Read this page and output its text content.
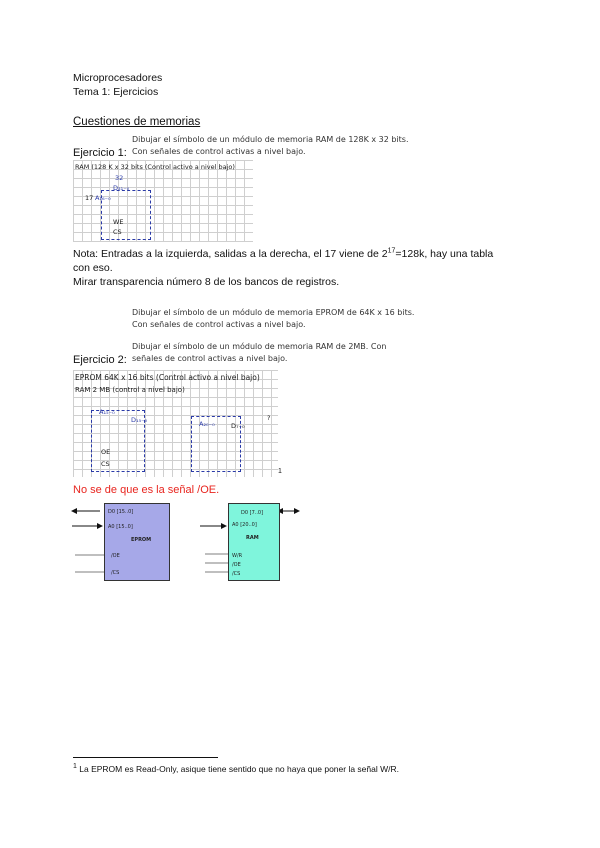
Microprocesadores
Tema 1: Ejercicios
Cuestiones de memorias
Dibujar el símbolo de un módulo de memoria RAM de 128K x 32 bits.
Con señales de control activas a nivel bajo.
Ejercicio 1:
RAM (128 K x 32 bits (Control activo a nivel bajo)
32
D₃₁₋₀
A₁₆₋₀
17
WE
CS
Nota: Entradas a la izquierda, salidas a la derecha, el 17 viene de $2^{17}=128k$, hay una tabla
con eso.
Mirar transparencia número 8 de los bancos de registros.
Dibujar el símbolo de un módulo de memoria EPROM de 64K x 16 bits.
Con señales de control activas a nivel bajo.
Dibujar el símbolo de un módulo de memoria RAM de 2MB. Con
señales de control activas a nivel bajo.
Ejercicio 2:
EPROM 64K x 16 bits (Control activo a nivel bajo)
RAM 2 MB (control a nivel bajo)
A₁₅₋₀
D₁₅₋₀
OE
CS
A₂₀₋₀	D₇₋₀
?
1
No se de que es la señal /OE.
D0 [15..0]
A0 [15..0]
EPROM
/OE
/CS
D0 [7..0]
A0 [20..0]
RAM
W/R
/OE
/CS
$^1$ La EPROM es Read-Only, asique tiene sentido que no haya que poner la señal W/R.
